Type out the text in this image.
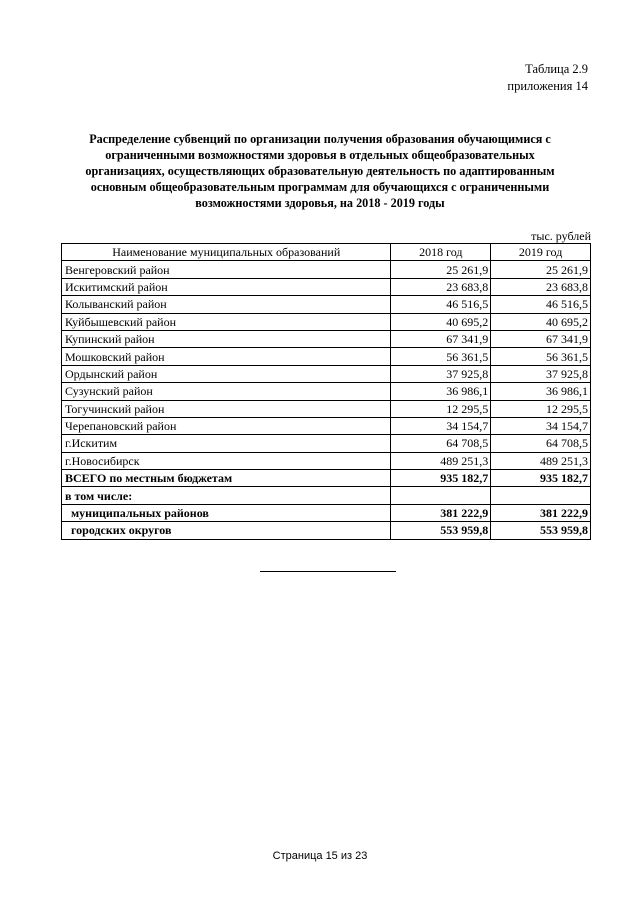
Таблица 2.9
приложения 14
Распределение субвенций по организации получения образования обучающимися с
ограниченными возможностями здоровья в отдельных общеобразовательных
организациях, осуществляющих образовательную деятельность по адаптированным
основным общеобразовательным программам для обучающихся с ограниченными
возможностями здоровья, на 2018 - 2019 годы
тыс. рублей
Наименование муниципальных образований	2018 год	2019 год
Венгеровский район	25 261,9	25 261,9
Искитимский район	23 683,8	23 683,8
Колыванский район	46 516,5	46 516,5
Куйбышевский район	40 695,2	40 695,2
Купинский район	67 341,9	67 341,9
Мошковский район	56 361,5	56 361,5
Ордынский район	37 925,8	37 925,8
Сузунский район	36 986,1	36 986,1
Тогучинский район	12 295,5	12 295,5
Черепановский район	34 154,7	34 154,7
г.Искитим	64 708,5	64 708,5
г.Новосибирск	489 251,3	489 251,3
ВСЕГО по местным бюджетам	935 182,7	935 182,7
в том числе:		
муниципальных районов	381 222,9	381 222,9
городских округов	553 959,8	553 959,8
Страница 15 из 23
